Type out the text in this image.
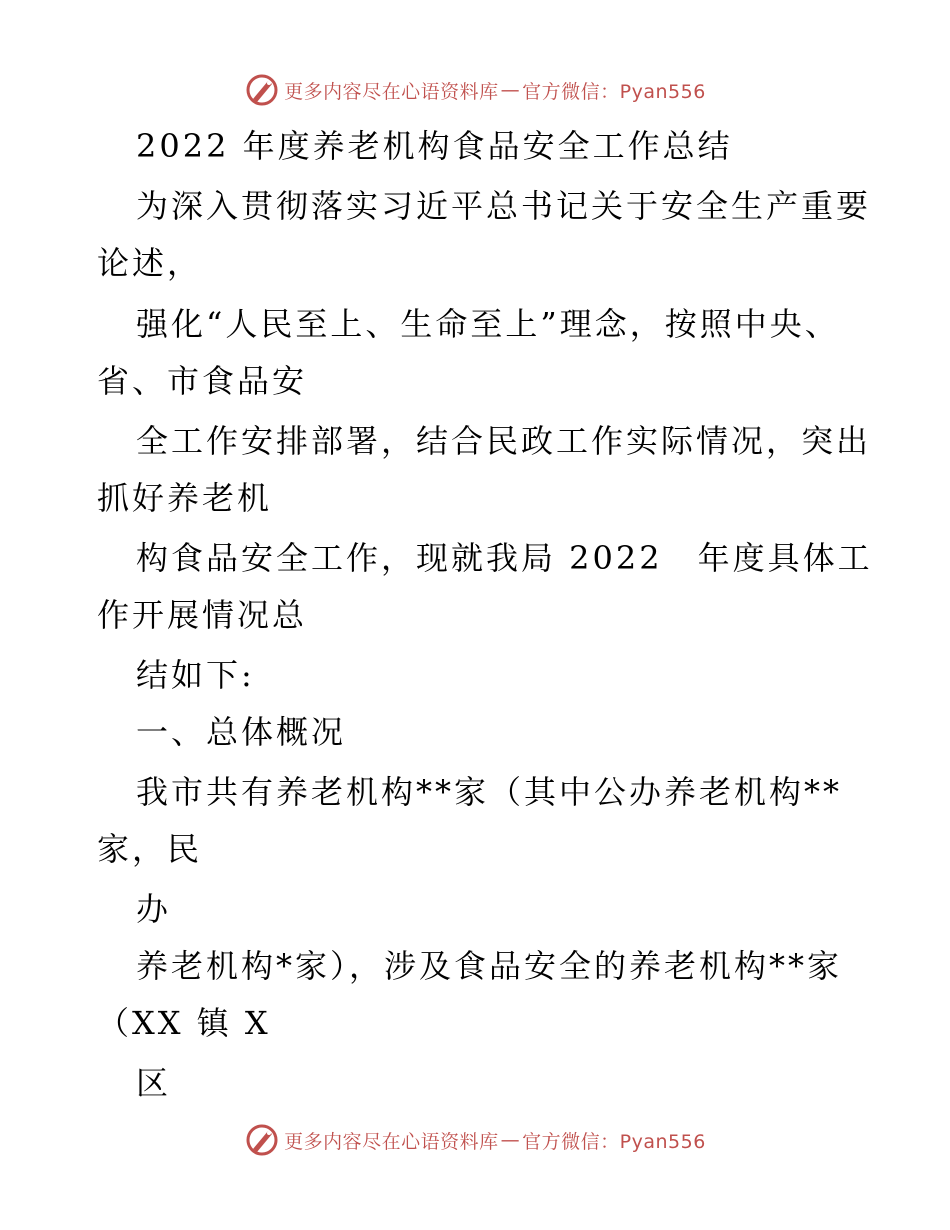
更多内容尽在心语资料库 — 官方微信：Pyan556
2022 年度养老机构食品安全工作总结
为深入贯彻落实习近平总书记关于安全生产重要
论述，
强化“人民至上、生命至上”理念，按照中央、
省、市食品安
全工作安排部署，结合民政工作实际情况，突出
抓好养老机
构食品安全工作，现就我局 2022　年度具体工
作开展情况总
结如下:
一、总体概况
我市共有养老机构**家（其中公办养老机构**
家，民
办
养老机构*家），涉及食品安全的养老机构**家
（XX 镇 X
区
更多内容尽在心语资料库 — 官方微信：Pyan556
